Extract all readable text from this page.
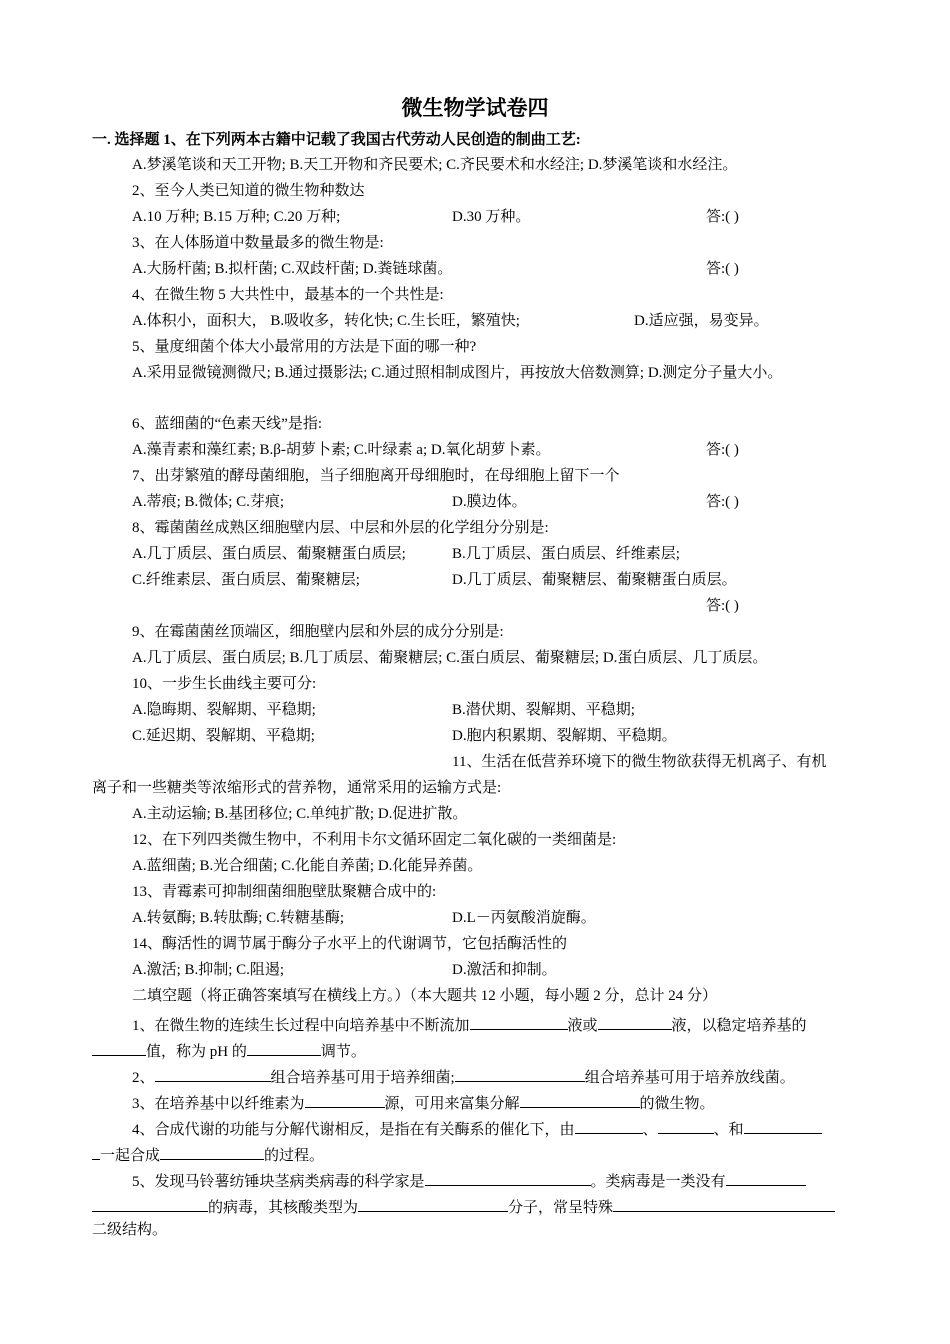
微生物学试卷四
一. 选择题 1、在下列两本古籍中记载了我国古代劳动人民创造的制曲工艺:
A.梦溪笔谈和天工开物; B.天工开物和齐民要术; C.齐民要术和水经注; D.梦溪笔谈和水经注。
2、至今人类已知道的微生物种数达
A.10 万种; B.15 万种; C.20 万种;	D.30 万种。	答:( )
3、在人体肠道中数量最多的微生物是:
A.大肠杆菌; B.拟杆菌; C.双歧杆菌; D.粪链球菌。	答:( )
4、在微生物 5 大共性中，最基本的一个共性是:
A.体积小，面积大， B.吸收多，转化快; C.生长旺，繁殖快;	D.适应强，易变异。
5、量度细菌个体大小最常用的方法是下面的哪一种?
A.采用显微镜测微尺; B.通过摄影法; C.通过照相制成图片，再按放大倍数测算; D.测定分子量大小。
6、蓝细菌的“色素天线”是指:
A.藻青素和藻红素; B.β-胡萝卜素; C.叶绿素 a; D.氧化胡萝卜素。	答:( )
7、出芽繁殖的酵母菌细胞，当子细胞离开母细胞时，在母细胞上留下一个
A.蒂痕; B.微体; C.芽痕;	D.膜边体。	答:( )
8、霉菌菌丝成熟区细胞壁内层、中层和外层的化学组分分别是:
A.几丁质层、蛋白质层、葡聚糖蛋白质层;	B.几丁质层、蛋白质层、纤维素层;
C.纤维素层、蛋白质层、葡聚糖层;	D.几丁质层、葡聚糖层、葡聚糖蛋白质层。
答:( )
9、在霉菌菌丝顶端区，细胞壁内层和外层的成分分别是:
A.几丁质层、蛋白质层; B.几丁质层、葡聚糖层; C.蛋白质层、葡聚糖层; D.蛋白质层、几丁质层。
10、一步生长曲线主要可分:
A.隐晦期、裂解期、平稳期;	B.潜伏期、裂解期、平稳期;
C.延迟期、裂解期、平稳期;	D.胞内积累期、裂解期、平稳期。
11、生活在低营养环境下的微生物欲获得无机离子、有机
离子和一些糖类等浓缩形式的营养物，通常采用的运输方式是:
A.主动运输; B.基团移位; C.单纯扩散; D.促进扩散。
12、在下列四类微生物中，不利用卡尔文循环固定二氧化碳的一类细菌是:
A.蓝细菌; B.光合细菌; C.化能自养菌; D.化能异养菌。
13、青霉素可抑制细菌细胞壁肽聚糖合成中的:
A.转氨酶; B.转肽酶; C.转糖基酶;	D.L－丙氨酸消旋酶。
14、酶活性的调节属于酶分子水平上的代谢调节，它包括酶活性的
A.激活; B.抑制; C.阻遏;	D.激活和抑制。
二填空题（将正确答案填写在横线上方。）（本大题共 12 小题，每小题 2 分，总计 24 分）
1、在微生物的连续生长过程中向培养基中不断流加	液或	液，以稳定培养基的
值，称为 pH 的	调节。
2、	组合培养基可用于培养细菌;	组合培养基可用于培养放线菌。
3、在培养基中以纤维素为	源，可用来富集分解	的微生物。
4、合成代谢的功能与分解代谢相反，是指在有关酶系的催化下，由	、	、和
一起合成	的过程。
5、发现马铃薯纺锤块茎病类病毒的科学家是	。类病毒是一类没有
的病毒，其核酸类型为	分子，常呈特殊
二级结构。
